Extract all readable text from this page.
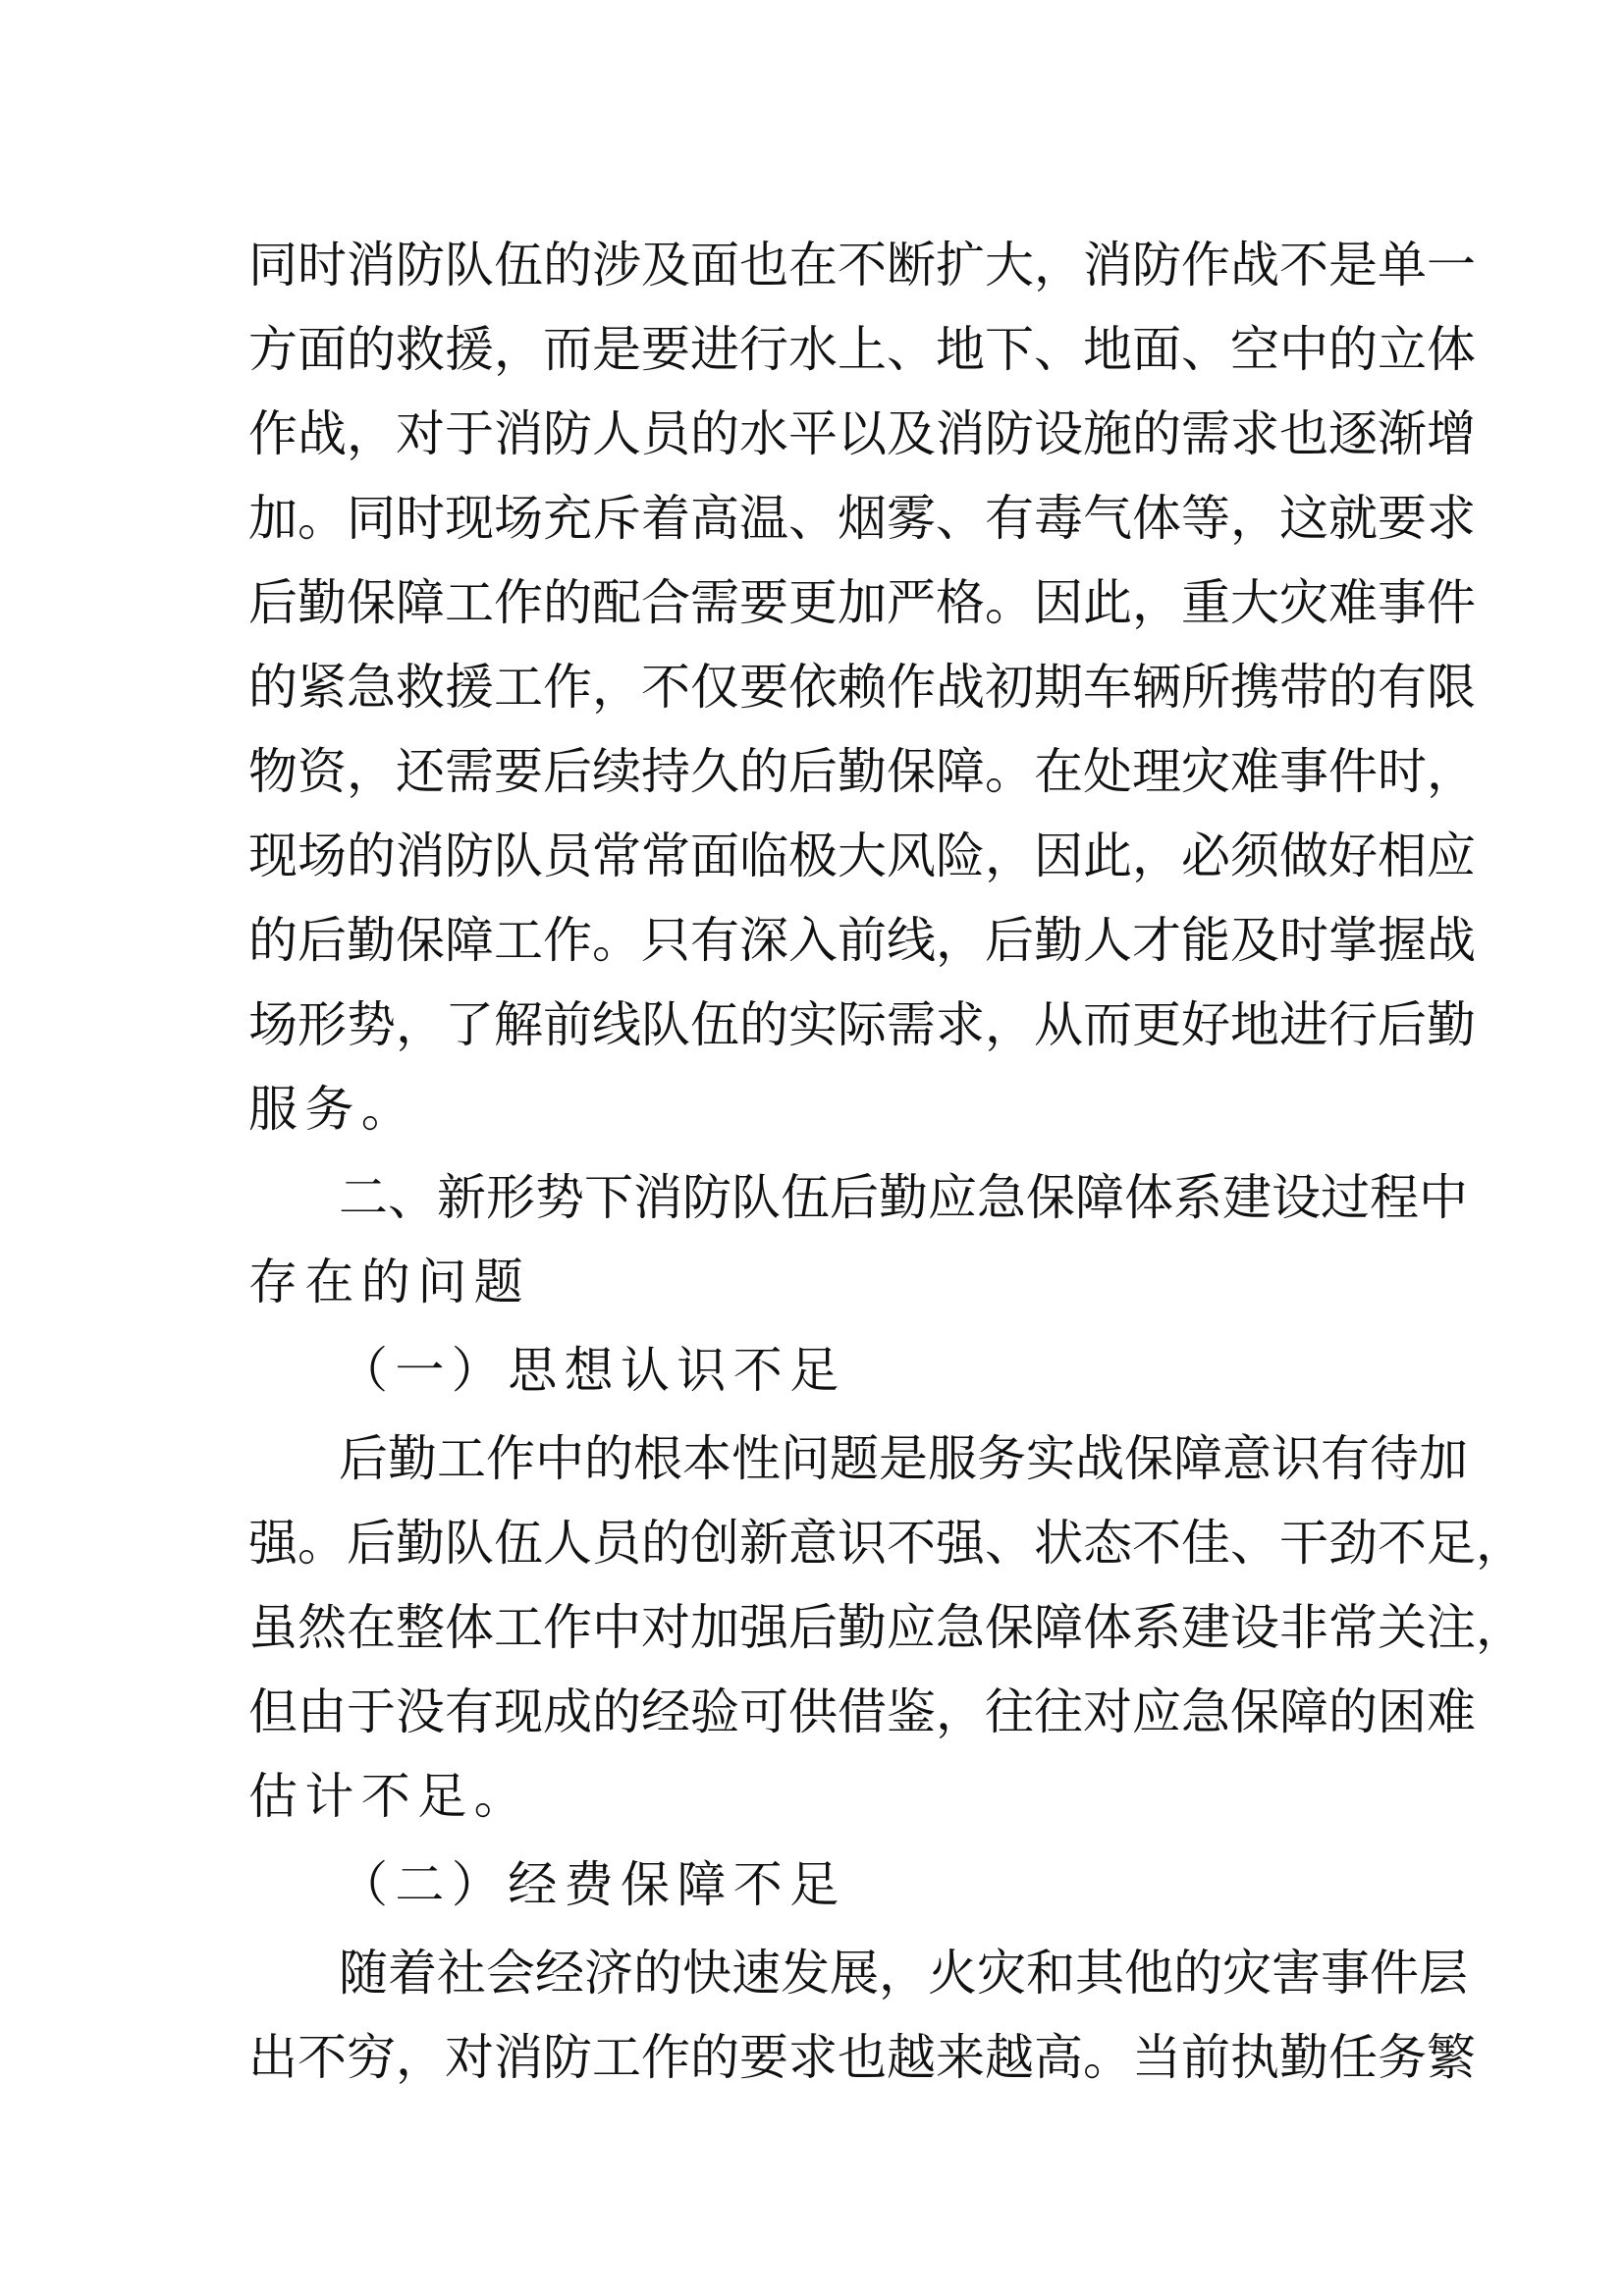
同时消防队伍的涉及面也在不断扩大，消防作战不是单一
方面的救援，而是要进行水上、地下、地面、空中的立体
作战，对于消防人员的水平以及消防设施的需求也逐渐增
加。同时现场充斥着高温、烟雾、有毒气体等，这就要求
后勤保障工作的配合需要更加严格。因此，重大灾难事件
的紧急救援工作，不仅要依赖作战初期车辆所携带的有限
物资，还需要后续持久的后勤保障。在处理灾难事件时，
现场的消防队员常常面临极大风险，因此，必须做好相应
的后勤保障工作。只有深入前线，后勤人才能及时掌握战
场形势，了解前线队伍的实际需求，从而更好地进行后勤
服务。
二、新形势下消防队伍后勤应急保障体系建设过程中
存在的问题
（一）思想认识不足
后勤工作中的根本性问题是服务实战保障意识有待加
强。后勤队伍人员的创新意识不强、状态不佳、干劲不足，
虽然在整体工作中对加强后勤应急保障体系建设非常关注，
但由于没有现成的经验可供借鉴，往往对应急保障的困难
估计不足。
（二）经费保障不足
随着社会经济的快速发展，火灾和其他的灾害事件层
出不穷，对消防工作的要求也越来越高。当前执勤任务繁
